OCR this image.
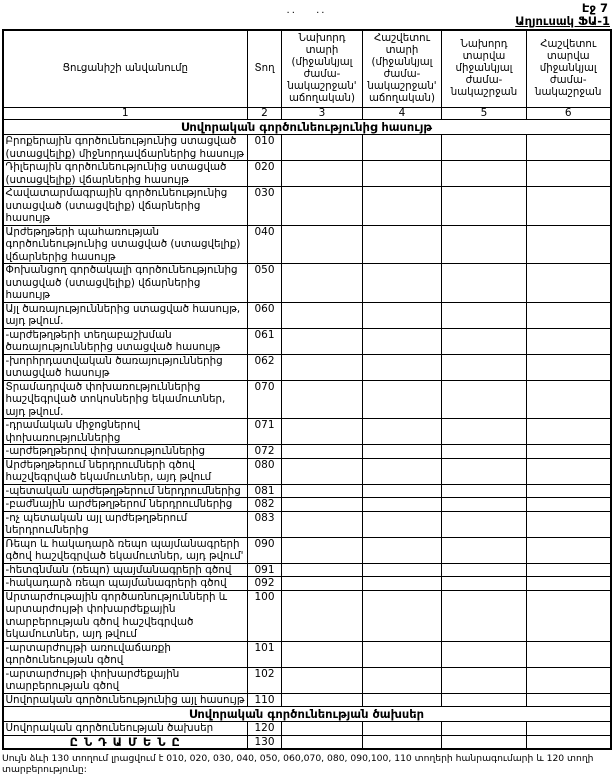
Էջ 7
.. ..
Աղյուսակ ՖԱ-1
Ցուցանիշի անվանումը	Տող	Նախորդ տարի (միջանկյալ ժամա-նակաշրջան' աճողական)	Հաշվետու տարի (միջանկյալ ժամա-նակաշրջան' աճողական)	Նախորդ տարվա միջանկյալ ժամա-նակաշրջան	Հաշվետու տարվա միջանկյալ ժամա-նակաշրջան
1	2	3	4	5	6
Սովորական գործունեությունից հասույթ					
Բրոքերային գործունեությունից ստացված (ստացվելիք) միջնորդավճարներից հասույթ	010				
Դիլերային գործունեությունից ստացված (ստացվելիք) վճարներից հասույթ	020				
Հավատարմագրային գործունեությունից ստացված (ստացվելիք) վճարներից հասույթ	030				
Արժեթղթերի պահառության գործունեությունից ստացված (ստացվելիք) վճարներից հասույթ	040				
Փոխանցող գործակալի գործունեությունից ստացված (ստացվելիք) վճարներից հասույթ	050				
Այլ ծառայություններից ստացված հասույթ, այդ թվում.	060				
-արժեթղթերի տեղաբաշխման ծառայություններից ստացված հասույթ	061				
-խորհրդատվական ծառայություններից ստացված հասույթ	062				
Տրամադրված փոխառություններից հաշվեգրված տոկոսներից եկամուտներ, այդ թվում.	070				
-դրամական միջոցներով փոխառություններից	071				
-արժեթղթերով փոխառություններից	072				
Արժեթղթերում ներդրումների գծով հաշվեգրված եկամուտներ, այդ թվում	080				
-պետական արժեթղթերում ներդրումներից	081				
-բաժնային արժեթղթերոմ ներդրումներից	082				
-ոչ պետական այլ արժեթղթերում ներդրումներից	083				
Ռեպո և հակադարձ ռեպո պայմանագրերի գծով հաշվեգրված եկամուտներ, այդ թվում'	090				
-հետգնման (ռեպո) պայմանագրերի գծով	091				
-հակադարձ ռեպո պայմանագրերի գծով	092				
Արտարժութային գործառնությունների և արտարժույթի փոխարժեքային տարբերության գծով հաշվեգրված եկամուտներ, այդ թվում	100				
-արտարժույթի առուվաճառքի գործունեության գծով	101				
-արտարժույթի փոխարժեքային տարբերության գծով	102				
Սովորական գործունեությունից այլ հասույթ	110				
Սովորական գործունեության ծախսեր					
Սովորական գործունեության ծախսեր	120				
Ը Ն Դ Ա Մ Ե Ն Ը	130				
Սույն ձևի 130 տողում լրացվում է 010, 020, 030, 040, 050, 060,070, 080, 090,100, 110 տողերի հանրագումարի և 120 տողի տարբերությունը:
